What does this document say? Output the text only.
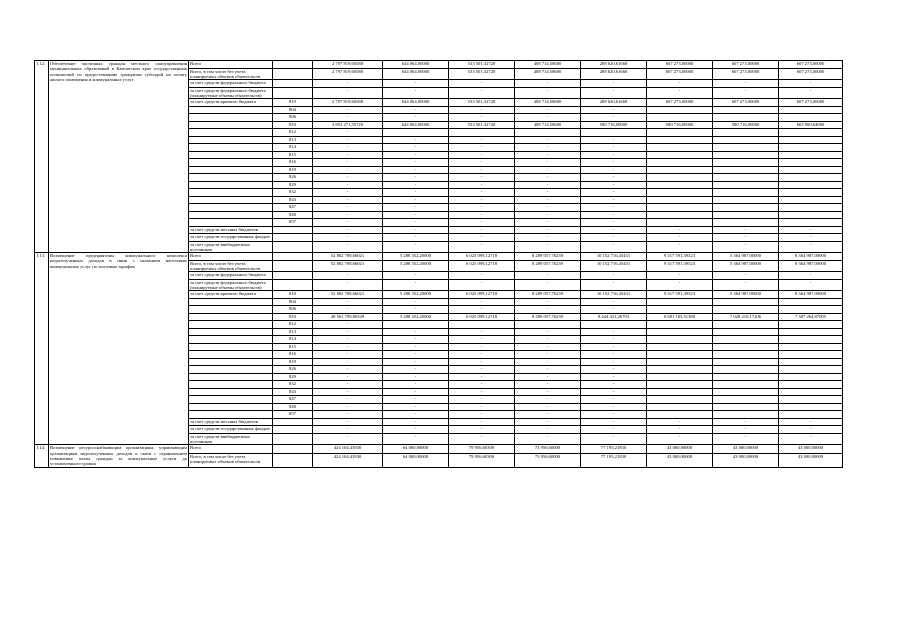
1.12.	Обеспечение частичных граждан местного самоуправления муниципальных образований в Камчатском крае государственных полномочий по предоставлению гражданам субсидий на оплату жилого помещения и коммунальных услуг	Всего		2 797 819,60588	644 064,00000	533 501,32720	408 714,58600	288 620,61668	607 273,00000	607 273,00000	607 273,00000
		Всего, в том числе без учета планируемых объемов обязательств		2 797 819,60588	644 064,00000	533 501,32720	408 714,58600	288 620,61668	607 273,00000	607 273,00000	607 273,00000
		за счет средств федерального бюджета		-	-	-	-	-	-	-	-
		за счет средств федерального бюджета (планируемые объемы обязательств)		-	-	-	-	-	-	-	-
		за счет средств краевого бюджета	819	2 797 819,60588	644 064,00000	533 501,32720	408 714,58600	288 620,61668	607 273,00000	607 273,00000	607 273,00000
			804	-	-	-	-	-			
			806	-	-	-	-	-			
			810	3 852 271,55720	644 064,00000	533 501,32720	408 714,58600	580 716,00000	580 716,00000	580 716,00000	603 900,64000
			812	-							
			813	-	-	-	-	-			
			814	-	-	-	-	-			
			815	-	-	-	-	-			
			816	-	-	-	-	-			
			819	-	-	-	-	-			
			826	-	-	-	-	-			
			829	-	-	-	-	-			
			832	-	-	-	-	-			
			843	-	-	-	-	-			
			847	-	-	-	-	-			
			848	-	-	-	-	-			
			857	-	-	-	-	-			
		за счет средств местных бюджетов		-	-	-	-	-	-	-	-
		за счет средств государственных фондов		-	-	-	-	-	-	-	-
		за счет средств внебюджетных источников		-	-	-	-	-	-	-	-
1.13.	Возмещение предприятиям коммунального комплекса недополученных доходов в связи с оказанием населению коммунальных услуг по льготным тарифам	Всего		52 802 788,66021	5 288 352,20000	6 025 099,12718	8 289 057,76239	10 152 716,45431	9 317 591,39523	5 364 987,00000	8 364 987,00000
		Всего, в том числе без учета планируемых объемов обязательств		52 802 788,66021	5 288 352,20000	6 025 099,12718	8 289 057,76239	10 152 716,45431	9 317 591,39523	5 364 987,00000	8 364 987,00000
		за счет средств федерального бюджета		-	-	-	-	-	-	-	-
		за счет средств федерального бюджета (планируемые объемы обязательств)		-	-	-	-	-	-	-	-
		за счет средств краевого бюджета	810	52 802 788,66021	5 288 352,20000	6 025 099,12718	8 289 057,76239	10 152 716,45431	9 317 591,39523	5 364 987,00000	8 364 987,00000
			804	-	-	-	-	-			
			806	-	-	-	-	-			
			810	48 561 799,86549	5 288 352,20000	6 025 099,12718	8 289 057,76239	8 444 431,26793	6 681 185,51380	7 028 216,17206	7 307 264,87005
			812	-							
			813	-	-	-	-	-			
			814	-	-	-	-	-			
			815	-	-	-	-	-			
			816	-	-	-	-	-			
			819	-	-	-	-	-			
			826	-	-	-	-	-			
			829	-	-	-	-	-			
			832	-	-	-	-	-			
			843	-	-	-	-	-			
			847	-	-	-	-	-			
			848	-	-	-	-	-			
			857	-	-	-	-	-			
		за счет средств местных бюджетов		-	-	-	-	-	-	-	-
		за счет средств государственных фондов		-	-	-	-	-	-	-	-
		за счет средств внебюджетных источников		-	-	-	-	-	-	-	-
1.14.	Возмещение ресурсоснабжающим организациям, управляющим организациям недополученных доходов в связи с ограничением повышения платы граждан за коммунальные услуги до установленного уровня	Всего		424 104,43930	64 000,00000	79 956,60300	73 956,60000	77 195,21830	43 000,00000	43 000,00000	43 000,00000
		Всего, в том числе без учета планируемых объемов обязательств		424 104,43930	64 000,00000	79 956,60300	73 956,60000	77 195,21830	43 000,00000	43 000,00000	43 000,00000
